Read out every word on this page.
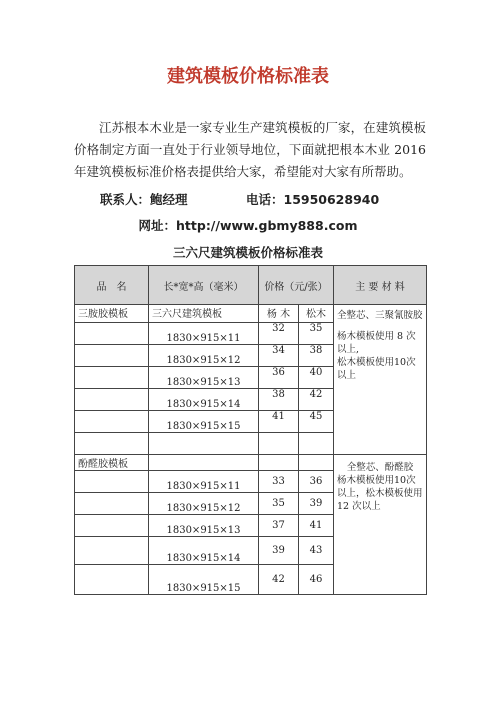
建筑模板价格标准表
江苏根本木业是一家专业生产建筑模板的厂家，在建筑模板价格制定方面一直处于行业领导地位，下面就把根本木业 2016 年建筑模板标准价格表提供给大家，希望能对大家有所帮助。
联系人：鲍经理	电话：15950628940
网址：http://www.gbmy888.com
三六尺建筑模板价格标准表
品　名	长*宽*高（毫米）	价格（元/张）		主 要 材 料
三胺胶模板	三六尺建筑模板	杨 木	松木	全整芯、三聚氰胺胶
杨木模板使用 8 次以上,
松木模板使用10次以上

	1830×915×11	32	35	
	1830×915×12	34	38	
	1830×915×13	36	40	
	1830×915×14	38	42	
	1830×915×15	41	45	

酚醛胶模板				全整芯、酚醛胶
杨木模板使用10次以上，松木模板使用 12 次以上

	1830×915×11	33	36	
	1830×915×12	35	39	
	1830×915×13	37	41	
	1830×915×14	39	43	
	1830×915×15	42	46	
